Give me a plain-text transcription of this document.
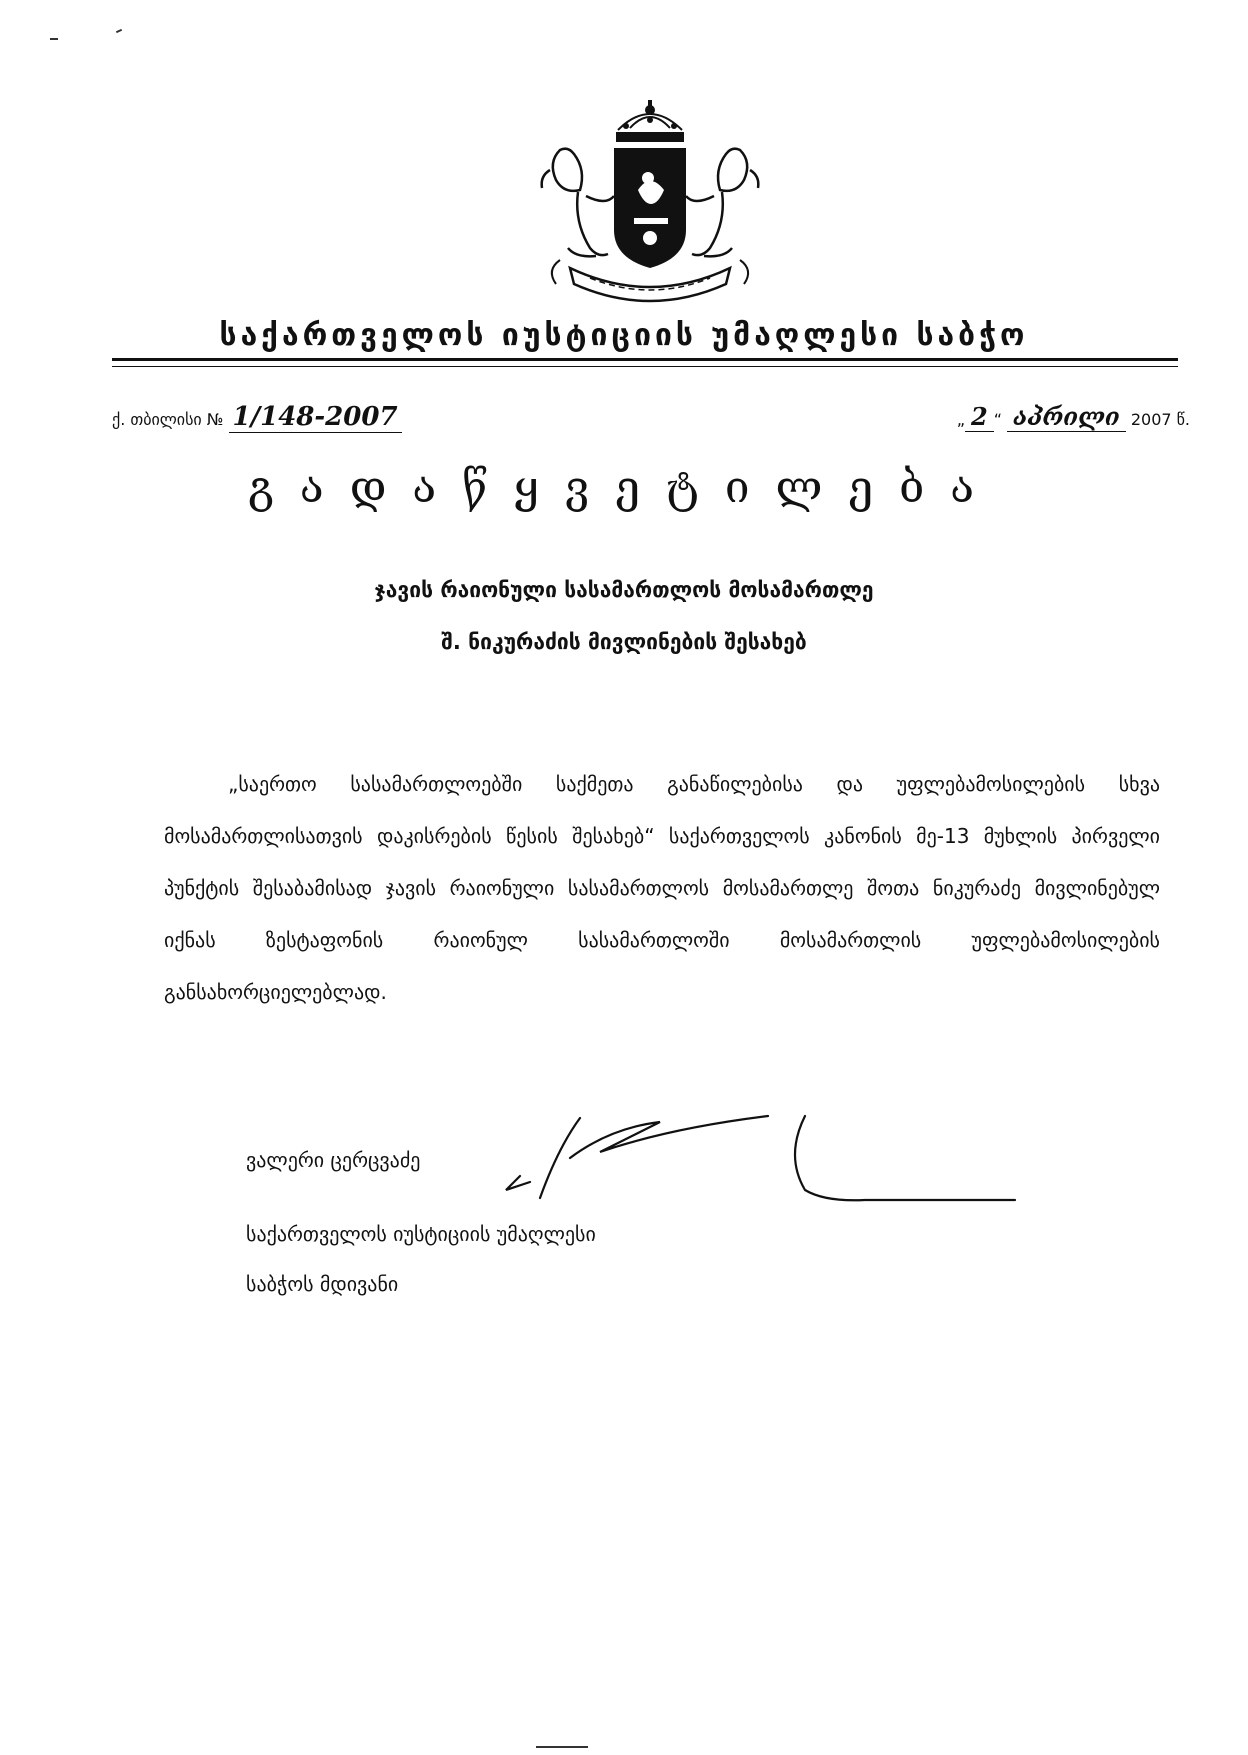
საქართველოს იუსტიციის უმაღლესი საბჭო
ქ. თბილისი № 1/148-2007	„ 2 “ აპრილი 2007 წ.
გადაწყვეტილება
ჯავის რაიონული სასამართლოს მოსამართლე
შ. ნიკურაძის მივლინების შესახებ
„საერთო სასამართლოებში საქმეთა განაწილებისა და უფლებამოსილების სხვა მოსამართლისათვის დაკისრების წესის შესახებ“ საქართველოს კანონის მე-13 მუხლის პირველი პუნქტის შესაბამისად ჯავის რაიონული სასამართლოს მოსამართლე შოთა ნიკურაძე მივლინებულ იქნას ზესტაფონის რაიონულ სასამართლოში მოსამართლის უფლებამოსილების განსახორციელებლად.
ვალერი ცერცვაძე
საქართველოს იუსტიციის უმაღლესი
საბჭოს მდივანი
